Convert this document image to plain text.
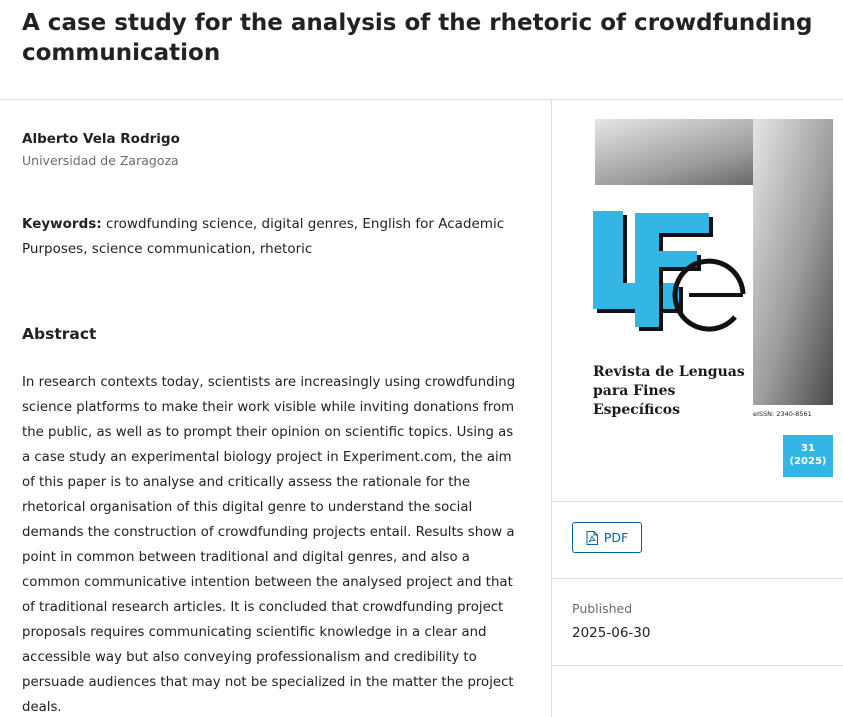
A case study for the analysis of the rhetoric of crowdfunding communication
Alberto Vela Rodrigo
Universidad de Zaragoza
Keywords: crowdfunding science, digital genres, English for Academic Purposes, science communication, rhetoric
Abstract

In research contexts today, scientists are increasingly using crowdfunding science platforms to make their work visible while inviting donations from the public, as well as to prompt their opinion on scientific topics. Using as a case study an experimental biology project in Experiment.com, the aim of this paper is to analyse and critically assess the rationale for the rhetorical organisation of this digital genre to understand the social demands the construction of crowdfunding projects entail. Results show a point in common between traditional and digital genres, and also a common communicative intention between the analysed project and that of traditional research articles. It is concluded that crowdfunding project proposals requires communicating scientific knowledge in a clear and accessible way but also conveying professionalism and credibility to persuade audiences that may not be specialized in the matter the project deals.

Revista de Lenguas
para Fines
Específicos	eISSN: 2340-8561
31
(2025)
PDF
Published
2025-06-30
